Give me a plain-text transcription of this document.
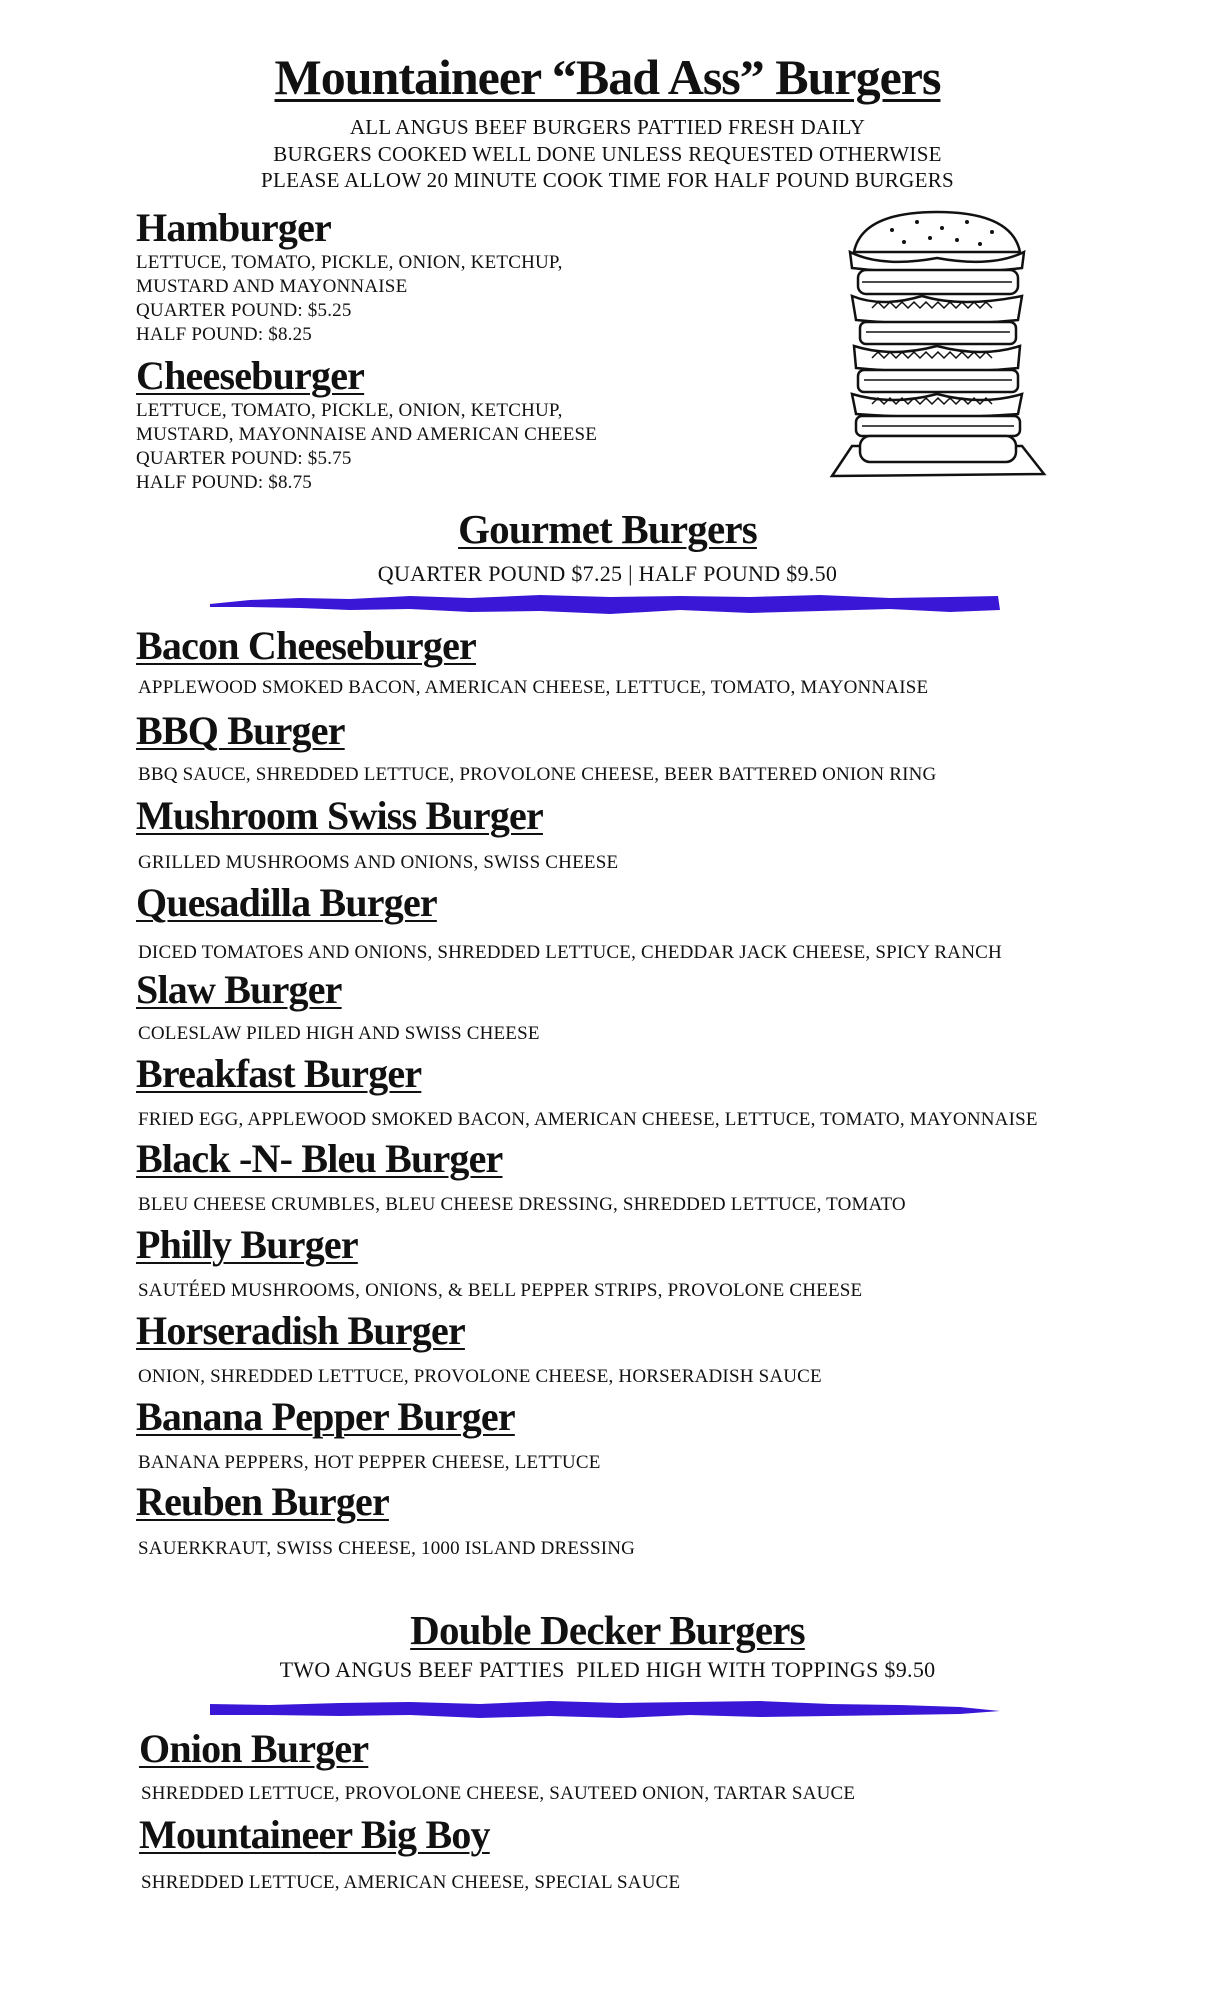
Mountaineer “Bad Ass” Burgers
ALL ANGUS BEEF BURGERS PATTIED FRESH DAILY
BURGERS COOKED WELL DONE UNLESS REQUESTED OTHERWISE
PLEASE ALLOW 20 MINUTE COOK TIME FOR HALF POUND BURGERS
Hamburger
LETTUCE, TOMATO, PICKLE, ONION, KETCHUP,
MUSTARD AND MAYONNAISE
QUARTER POUND: $5.25
HALF POUND: $8.25
Cheeseburger
LETTUCE, TOMATO, PICKLE, ONION, KETCHUP,
MUSTARD, MAYONNAISE AND AMERICAN CHEESE
QUARTER POUND: $5.75
HALF POUND: $8.75
Gourmet Burgers
QUARTER POUND $7.25 | HALF POUND $9.50
Bacon Cheeseburger
APPLEWOOD SMOKED BACON, AMERICAN CHEESE, LETTUCE, TOMATO, MAYONNAISE
BBQ Burger
BBQ SAUCE, SHREDDED LETTUCE, PROVOLONE CHEESE, BEER BATTERED ONION RING
Mushroom Swiss Burger
GRILLED MUSHROOMS AND ONIONS, SWISS CHEESE
Quesadilla Burger
DICED TOMATOES AND ONIONS, SHREDDED LETTUCE, CHEDDAR JACK CHEESE, SPICY RANCH
Slaw Burger
COLESLAW PILED HIGH AND SWISS CHEESE
Breakfast Burger
FRIED EGG, APPLEWOOD SMOKED BACON, AMERICAN CHEESE, LETTUCE, TOMATO, MAYONNAISE
Black -N- Bleu Burger
BLEU CHEESE CRUMBLES, BLEU CHEESE DRESSING, SHREDDED LETTUCE, TOMATO
Philly Burger
SAUTÉED MUSHROOMS, ONIONS, & BELL PEPPER STRIPS, PROVOLONE CHEESE
Horseradish Burger
ONION, SHREDDED LETTUCE, PROVOLONE CHEESE, HORSERADISH SAUCE
Banana Pepper Burger
BANANA PEPPERS, HOT PEPPER CHEESE, LETTUCE
Reuben Burger
SAUERKRAUT, SWISS CHEESE, 1000 ISLAND DRESSING
Double Decker Burgers
TWO ANGUS BEEF PATTIES  PILED HIGH WITH TOPPINGS $9.50
Onion Burger
SHREDDED LETTUCE, PROVOLONE CHEESE, SAUTEED ONION, TARTAR SAUCE
Mountaineer Big Boy
SHREDDED LETTUCE, AMERICAN CHEESE, SPECIAL SAUCE
